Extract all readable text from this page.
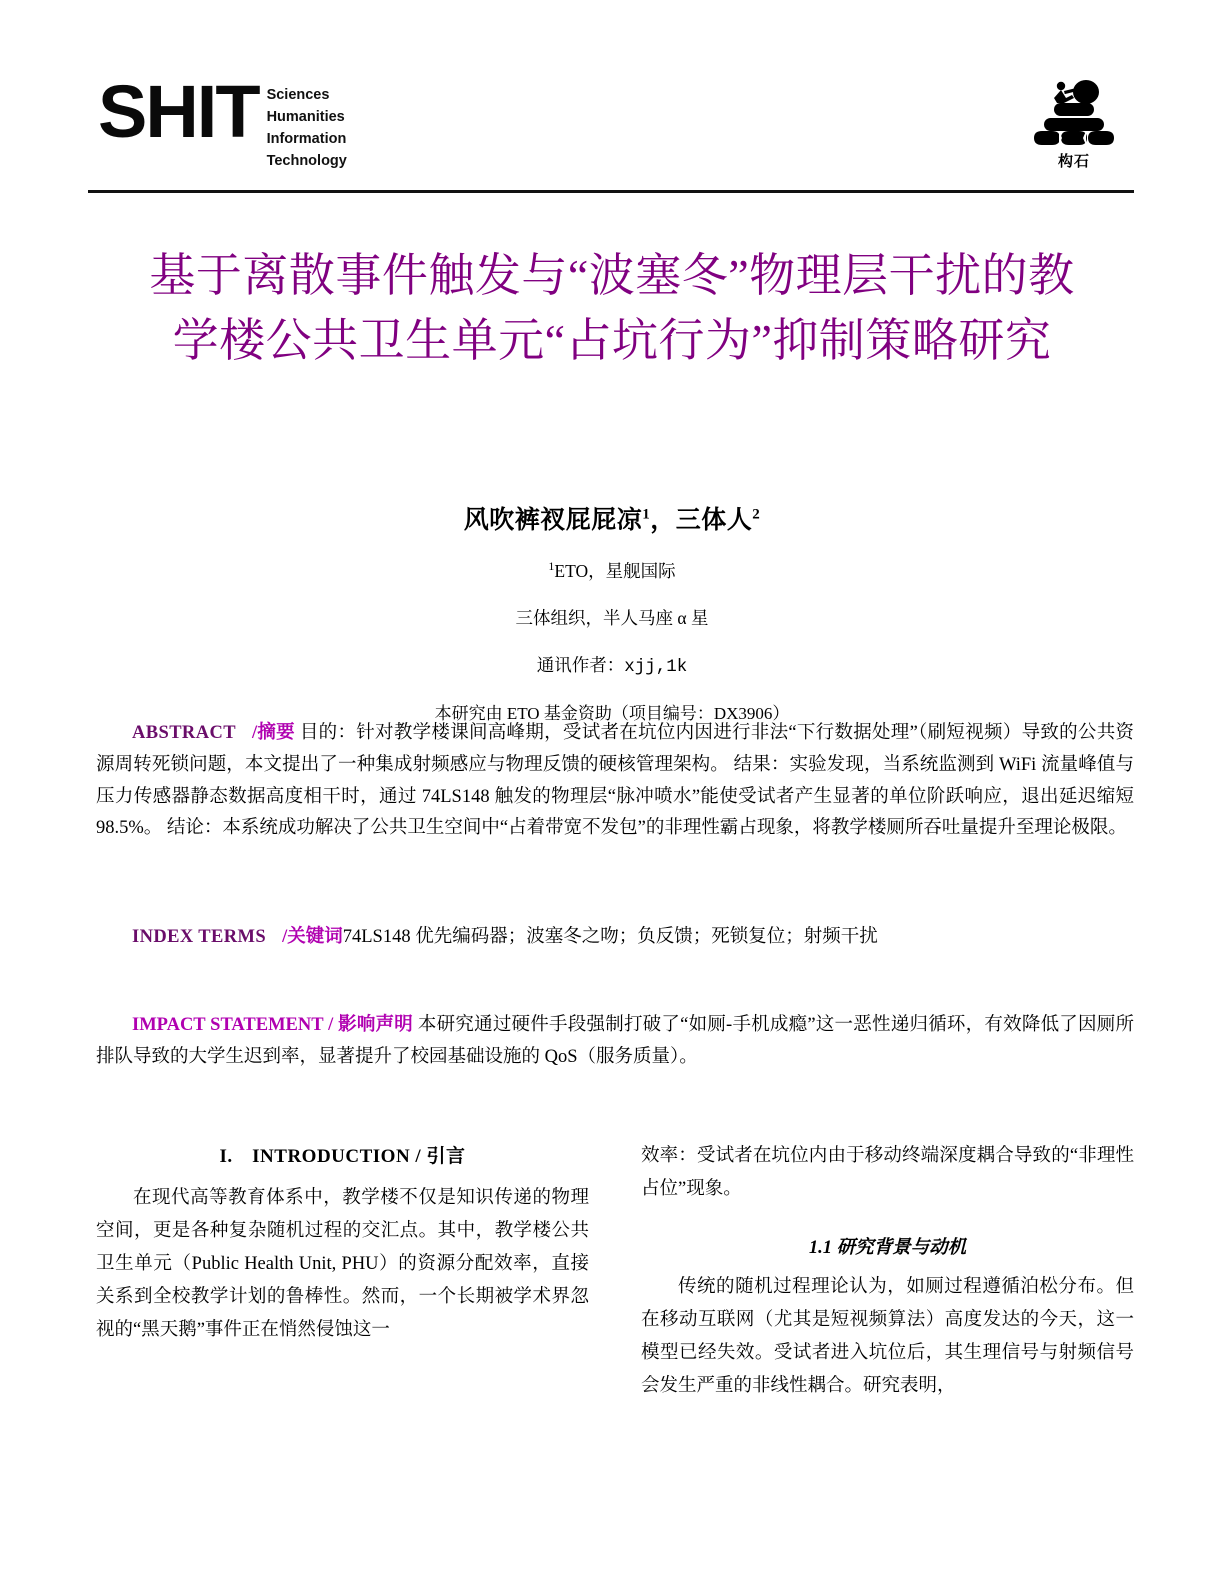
SHIT Sciences
Humanities
Information
Technology	构石
基于离散事件触发与“波塞冬”物理层干扰的教学楼公共卫生单元“占坑行为”抑制策略研究
风吹裤衩屁屁凉$^1$，三体人$^2$
$^1$ETO，星舰国际
三体组织，半人马座 α 星
通讯作者：xjj,1k
本研究由 ETO 基金资助（项目编号：DX3906）
ABSTRACT /摘要 目的：针对教学楼课间高峰期，受试者在坑位内因进行非法“下行数据处理”（刷短视频）导致的公共资源周转死锁问题，本文提出了一种集成射频感应与物理反馈的硬核管理架构。 结果：实验发现，当系统监测到 WiFi 流量峰值与压力传感器静态数据高度相干时，通过 74LS148 触发的物理层“脉冲喷水”能使受试者产生显著的单位阶跃响应，退出延迟缩短 98.5%。 结论：本系统成功解决了公共卫生空间中“占着带宽不发包”的非理性霸占现象，将教学楼厕所吞吐量提升至理论极限。
INDEX TERMS /关键词74LS148 优先编码器；波塞冬之吻；负反馈；死锁复位；射频干扰
IMPACT STATEMENT / 影响声明 本研究通过硬件手段强制打破了“如厕-手机成瘾”这一恶性递归循环，有效降低了因厕所排队导致的大学生迟到率，显著提升了校园基础设施的 QoS（服务质量）。
I.　INTRODUCTION / 引言

在现代高等教育体系中，教学楼不仅是知识传递的物理空间，更是各种复杂随机过程的交汇点。其中，教学楼公共卫生单元（Public Health Unit, PHU）的资源分配效率，直接关系到全校教学计划的鲁棒性。然而，一个长期被学术界忽视的“黑天鹅”事件正在悄然侵蚀这一

效率：受试者在坑位内由于移动终端深度耦合导致的“非理性占位”现象。

1.1 研究背景与动机

传统的随机过程理论认为，如厕过程遵循泊松分布。但在移动互联网（尤其是短视频算法）高度发达的今天，这一模型已经失效。受试者进入坑位后，其生理信号与射频信号会发生严重的非线性耦合。研究表明，
